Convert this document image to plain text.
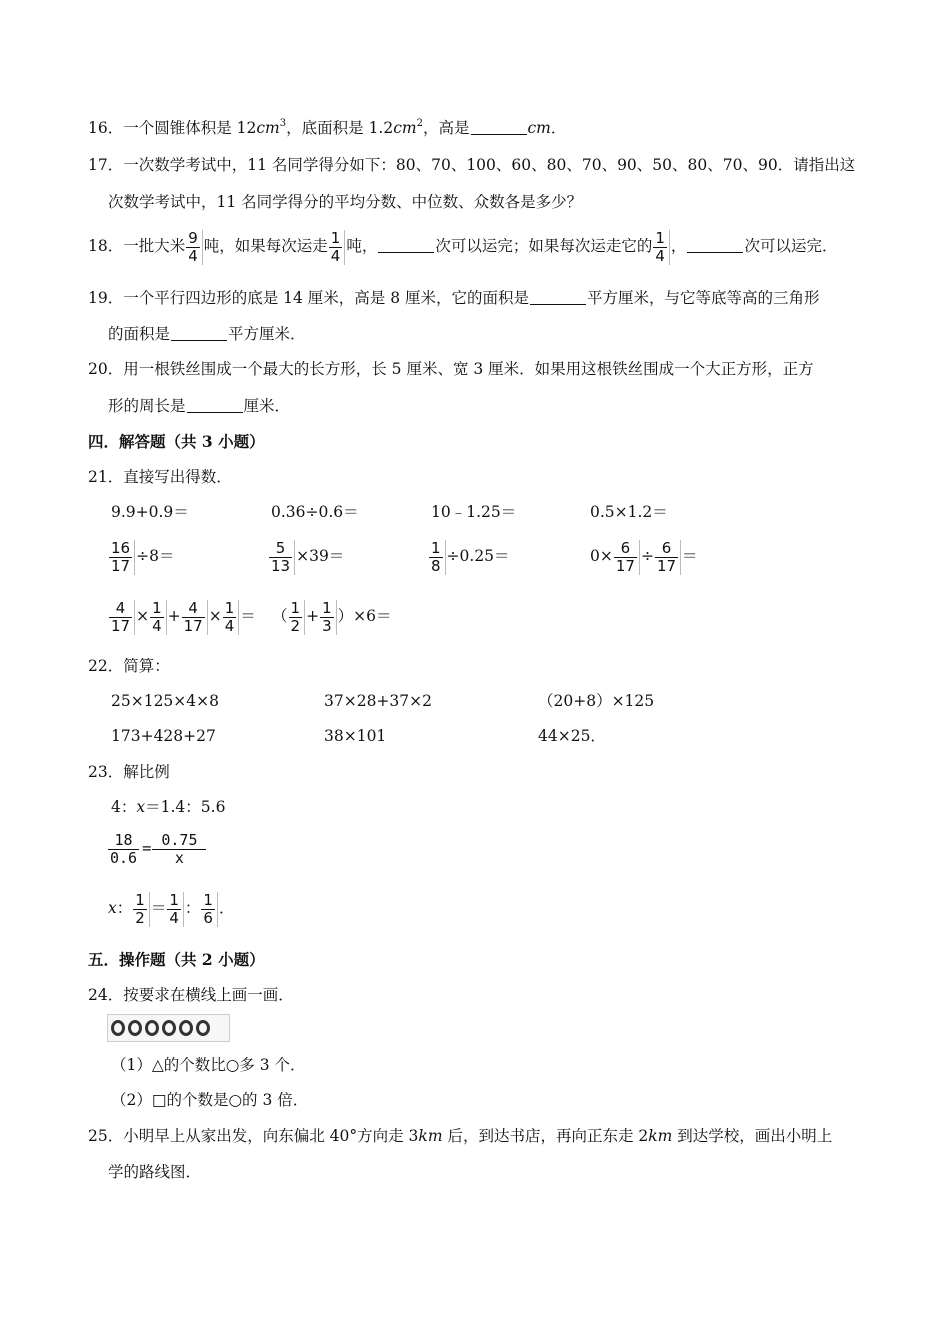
16．一个圆锥体积是 $12cm^3$，底面积是 $1.2cm^2$，高是	cm．
17．一次数学考试中，11 名同学得分如下：80、70、100、60、80、70、90、50、80、70、90．请指出这
次数学考试中，11 名同学得分的平均分数、中位数、众数各是多少？
18．一批大米 $\frac{9}{4}$ 吨，如果每次运走 $\frac{1}{4}$ 吨，	次可以运完；如果每次运走它的 $\frac{1}{4}$ ，	次可以运完．
19．一个平行四边形的底是 14 厘米，高是 8 厘米，它的面积是	平方厘米，与它等底等高的三角形
的面积是	平方厘米．
20．用一根铁丝围成一个最大的长方形，长 5 厘米、宽 3 厘米．如果用这根铁丝围成一个大正方形，正方
形的周长是	厘米．
四．解答题（共 3 小题）
21．直接写出得数．
9.9+0.9＝	0.36÷0.6＝	10﹣1.25＝	0.5×1.2＝
$\frac{16}{17} \div 8=$	$\frac{5}{13} \times 39=$	$\frac{1}{8} \div 0.25=$	$0\times \frac{6}{17} \div \frac{6}{17}$ ＝
$\frac{4}{17} \times \frac{1}{4} + \frac{4}{17} \times \frac{1}{4}$ ＝ （ $\frac{1}{2} + \frac{1}{3} )\times 6=$
22．简算：
25×125×4×8	37×28+37×2	（20+8）×125
173+428+27	38×101	44×25．
23．解比例
4：x＝1.4：5.6
$\frac{18}{0.6} = \frac{0.75}{x}$
x： $\frac{1}{2} = \frac{1}{4}$ ： $\frac{1}{6}$ ．
五．操作题（共 2 小题）
24．按要求在横线上画一画．
（1）△的个数比○多 3 个．
（2）□的个数是○的 3 倍．
25．小明早上从家出发，向东偏北 40°方向走 3km 后，到达书店，再向正东走 2km 到达学校，画出小明上
学的路线图．
